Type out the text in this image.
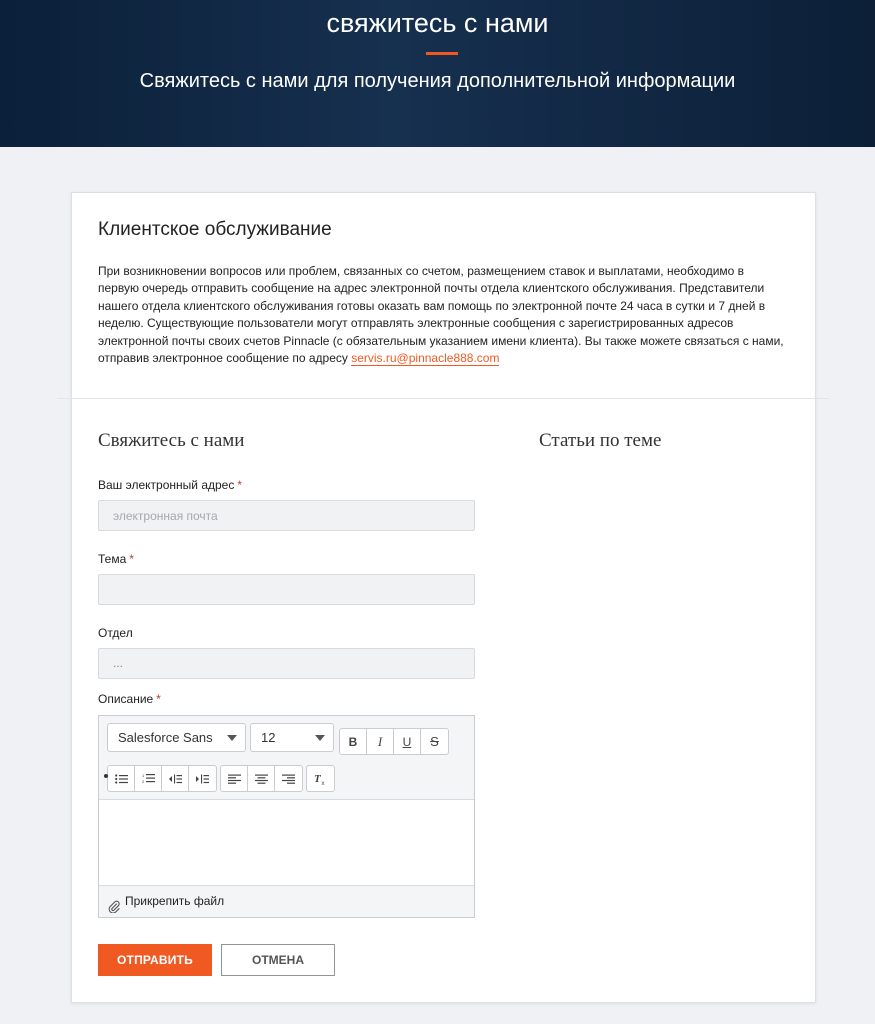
свяжитесь с нами
Свяжитесь с нами для получения дополнительной информации
Клиентское обслуживание
При возникновении вопросов или проблем, связанных со счетом, размещением ставок и выплатами, необходимо в первую очередь отправить сообщение на адрес электронной почты отдела клиентского обслуживания. Представители нашего отдела клиентского обслуживания готовы оказать вам помощь по электронной почте 24 часа в сутки и 7 дней в неделю. Существующие пользователи могут отправлять электронные сообщения с зарегистрированных адресов электронной почты своих счетов Pinnacle (с обязательным указанием имени клиента). Вы также можете связаться с нами, отправив электронное сообщение по адресу servis.ru@pinnacle888.com
Свяжитесь с нами	Статьи по теме
Ваш электронный адрес *
электронная почта
Тема *
Отдел
...
Описание *
Salesforce Sans	12	B	I	U	S
1
2	T x
Прикрепить файл
ОТПРАВИТЬ	ОТМЕНА
